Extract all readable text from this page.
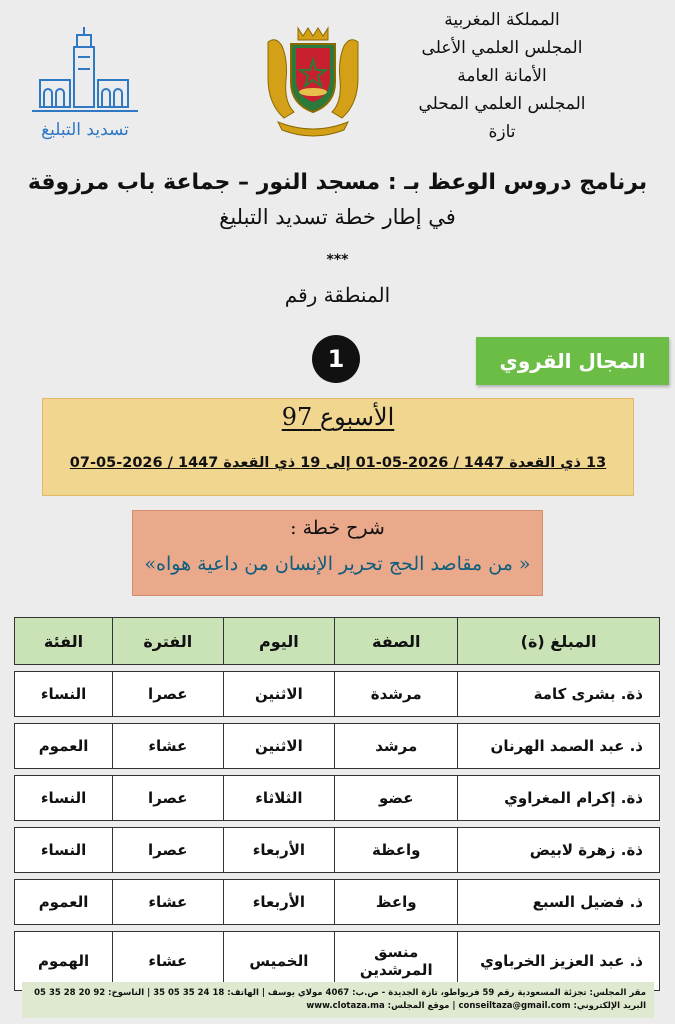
تسديد التبليغ
المملكة المغربية
المجلس العلمي الأعلى
الأمانة العامة
المجلس العلمي المحلي
تازة
برنامج دروس الوعظ بـ : مسجد النور – جماعة باب مرزوقة
في إطار خطة تسديد التبليغ
***
المنطقة رقم
1	المجال القروي
الأسبوع 97
13 ذي القعدة 1447 / 2026-05-01 إلى 19 ذي القعدة 1447 / 2026-05-07
شرح خطة :
« من مقاصد الحج تحرير الإنسان من داعية هواه»
المبلغ (ة)	الصفة	اليوم	الفترة	الفئة
ذة. بشرى كامة	مرشدة	الاثنين	عصرا	النساء
ذ. عبد الصمد الهرنان	مرشد	الاثنين	عشاء	العموم
ذة. إكرام المغراوي	عضو	الثلاثاء	عصرا	النساء
ذة. زهرة لابيض	واعظة	الأربعاء	عصرا	النساء
ذ. فضيل السبع	واعظ	الأربعاء	عشاء	العموم
ذ. عبد العزيز الخرباوي	منسق المرشدين	الخميس	عشاء	الهموم
مقر المجلس: تجزئة المسعودية رقم 59 فريواطو، تازة الجديدة - ص.ب: 4067 مولاي يوسف | الهاتف: 18 24 35 05 35 | الناسوخ: 92 20 28 35 05
البريد الإلكتروني: conseiltaza@gmail.com | موقع المجلس: www.clotaza.ma
